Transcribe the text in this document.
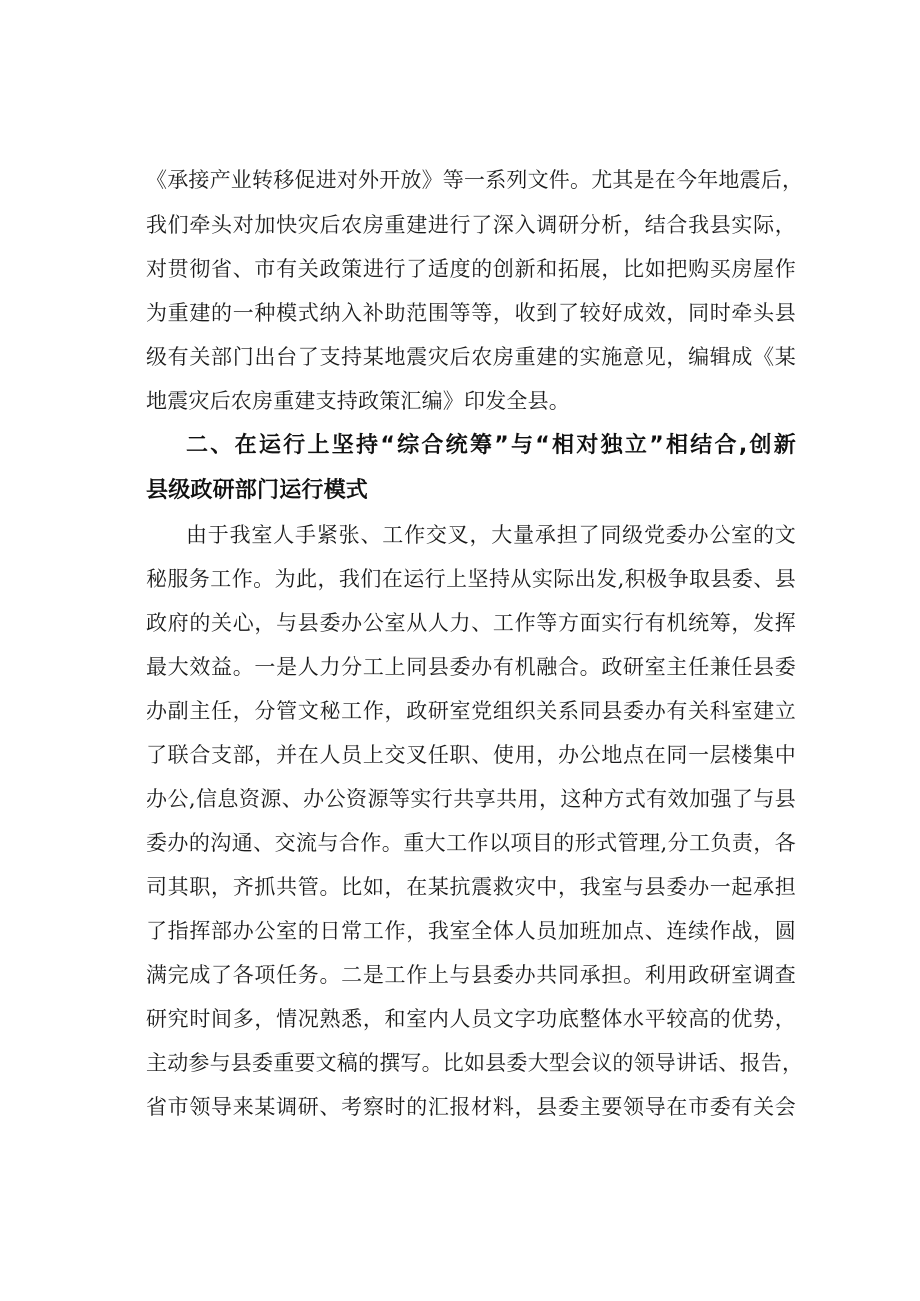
《承接产业转移促进对外开放》等一系列文件。尤其是在今年地震后，
我们牵头对加快灾后农房重建进行了深入调研分析，结合我县实际，
对贯彻省、市有关政策进行了适度的创新和拓展，比如把购买房屋作
为重建的一种模式纳入补助范围等等，收到了较好成效，同时牵头县
级有关部门出台了支持某地震灾后农房重建的实施意见，编辑成《某
地震灾后农房重建支持政策汇编》印发全县。
二、在运行上坚持“综合统筹”与“相对独立”相结合,创新
县级政研部门运行模式
由于我室人手紧张、工作交叉，大量承担了同级党委办公室的文
秘服务工作。为此，我们在运行上坚持从实际出发,积极争取县委、县
政府的关心，与县委办公室从人力、工作等方面实行有机统筹，发挥
最大效益。一是人力分工上同县委办有机融合。政研室主任兼任县委
办副主任，分管文秘工作，政研室党组织关系同县委办有关科室建立
了联合支部，并在人员上交叉任职、使用，办公地点在同一层楼集中
办公,信息资源、办公资源等实行共享共用，这种方式有效加强了与县
委办的沟通、交流与合作。重大工作以项目的形式管理,分工负责，各
司其职，齐抓共管。比如，在某抗震救灾中，我室与县委办一起承担
了指挥部办公室的日常工作，我室全体人员加班加点、连续作战，圆
满完成了各项任务。二是工作上与县委办共同承担。利用政研室调查
研究时间多，情况熟悉，和室内人员文字功底整体水平较高的优势，
主动参与县委重要文稿的撰写。比如县委大型会议的领导讲话、报告，
省市领导来某调研、考察时的汇报材料，县委主要领导在市委有关会
